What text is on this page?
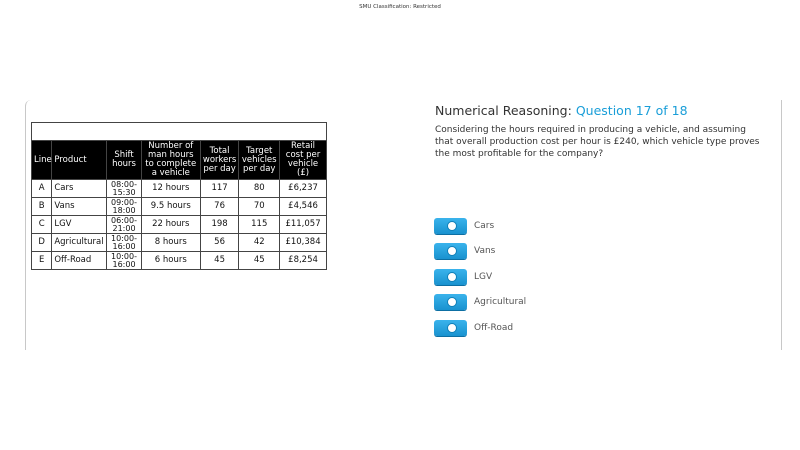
SMU Classification: Restricted
Zone 5 Assembly Line - Report						
Line	Product	Shift hours	Number of man hours to complete a vehicle	Total workers per day	Target vehicles per day	Retail cost per vehicle (£)
A	Cars	08:00-
15:30	12 hours	117	80	£6,237
B	Vans	09:00-
18:00	9.5 hours	76	70	£4,546
C	LGV	06:00-
21:00	22 hours	198	115	£11,057
D	Agricultural	10:00-
16:00	8 hours	56	42	£10,384
E	Off-Road	10:00-
16:00	6 hours	45	45	£8,254
Numerical Reasoning: Question 17 of 18
Considering the hours required in producing a vehicle, and assuming that overall production cost per hour is £240, which vehicle type proves the most profitable for the company?
Cars
Vans
LGV
Agricultural
Off-Road
